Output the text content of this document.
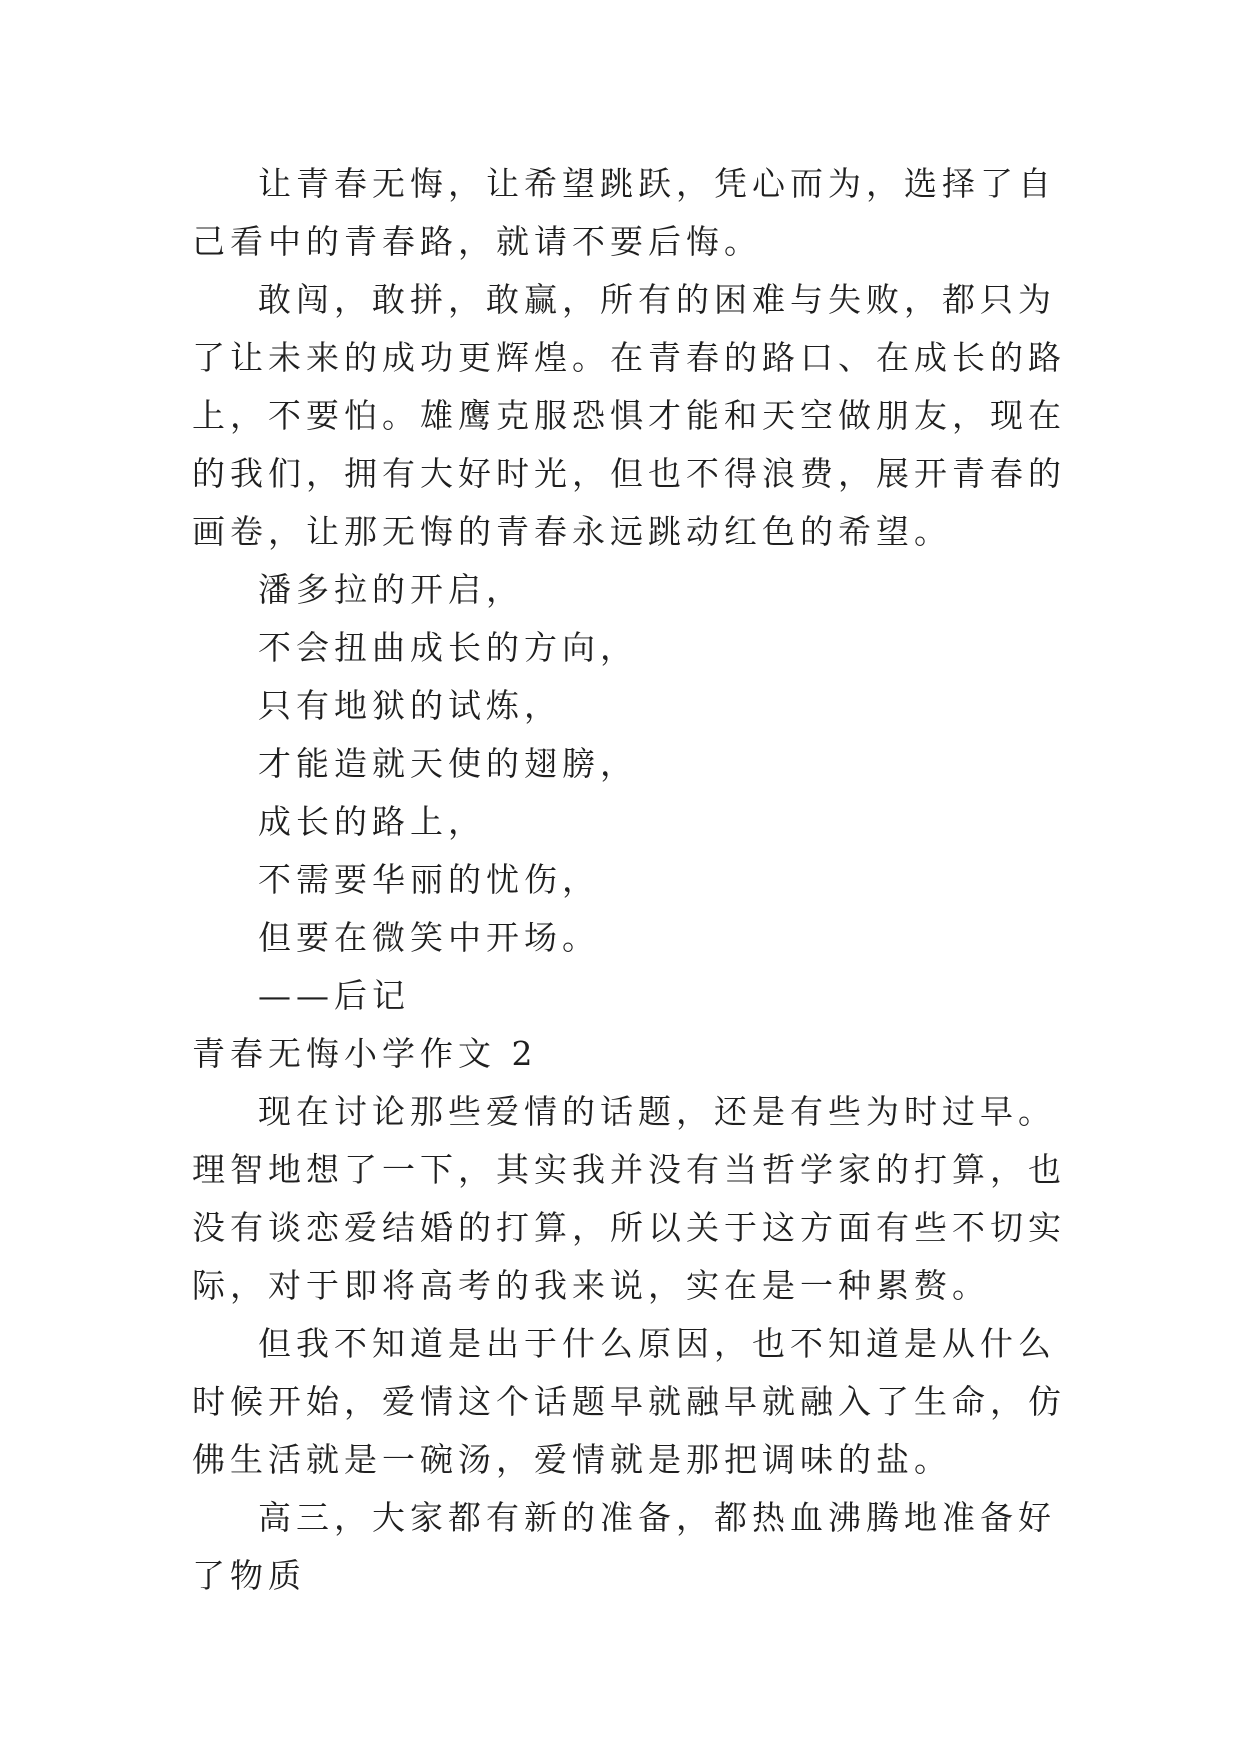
让青春无悔，让希望跳跃，凭心而为，选择了自己看中的青春路，就请不要后悔。

敢闯，敢拼，敢赢，所有的困难与失败，都只为了让未来的成功更辉煌。在青春的路口、在成长的路上，不要怕。雄鹰克服恐惧才能和天空做朋友，现在的我们，拥有大好时光，但也不得浪费，展开青春的画卷，让那无悔的青春永远跳动红色的希望。

潘多拉的开启，

不会扭曲成长的方向，

只有地狱的试炼，

才能造就天使的翅膀，

成长的路上，

不需要华丽的忧伤，

但要在微笑中开场。

——后记

青春无悔小学作文 2

现在讨论那些爱情的话题，还是有些为时过早。理智地想了一下，其实我并没有当哲学家的打算，也没有谈恋爱结婚的打算，所以关于这方面有些不切实际，对于即将高考的我来说，实在是一种累赘。

但我不知道是出于什么原因，也不知道是从什么时候开始，爱情这个话题早就融早就融入了生命，仿佛生活就是一碗汤，爱情就是那把调味的盐。

高三，大家都有新的准备，都热血沸腾地准备好了物质
